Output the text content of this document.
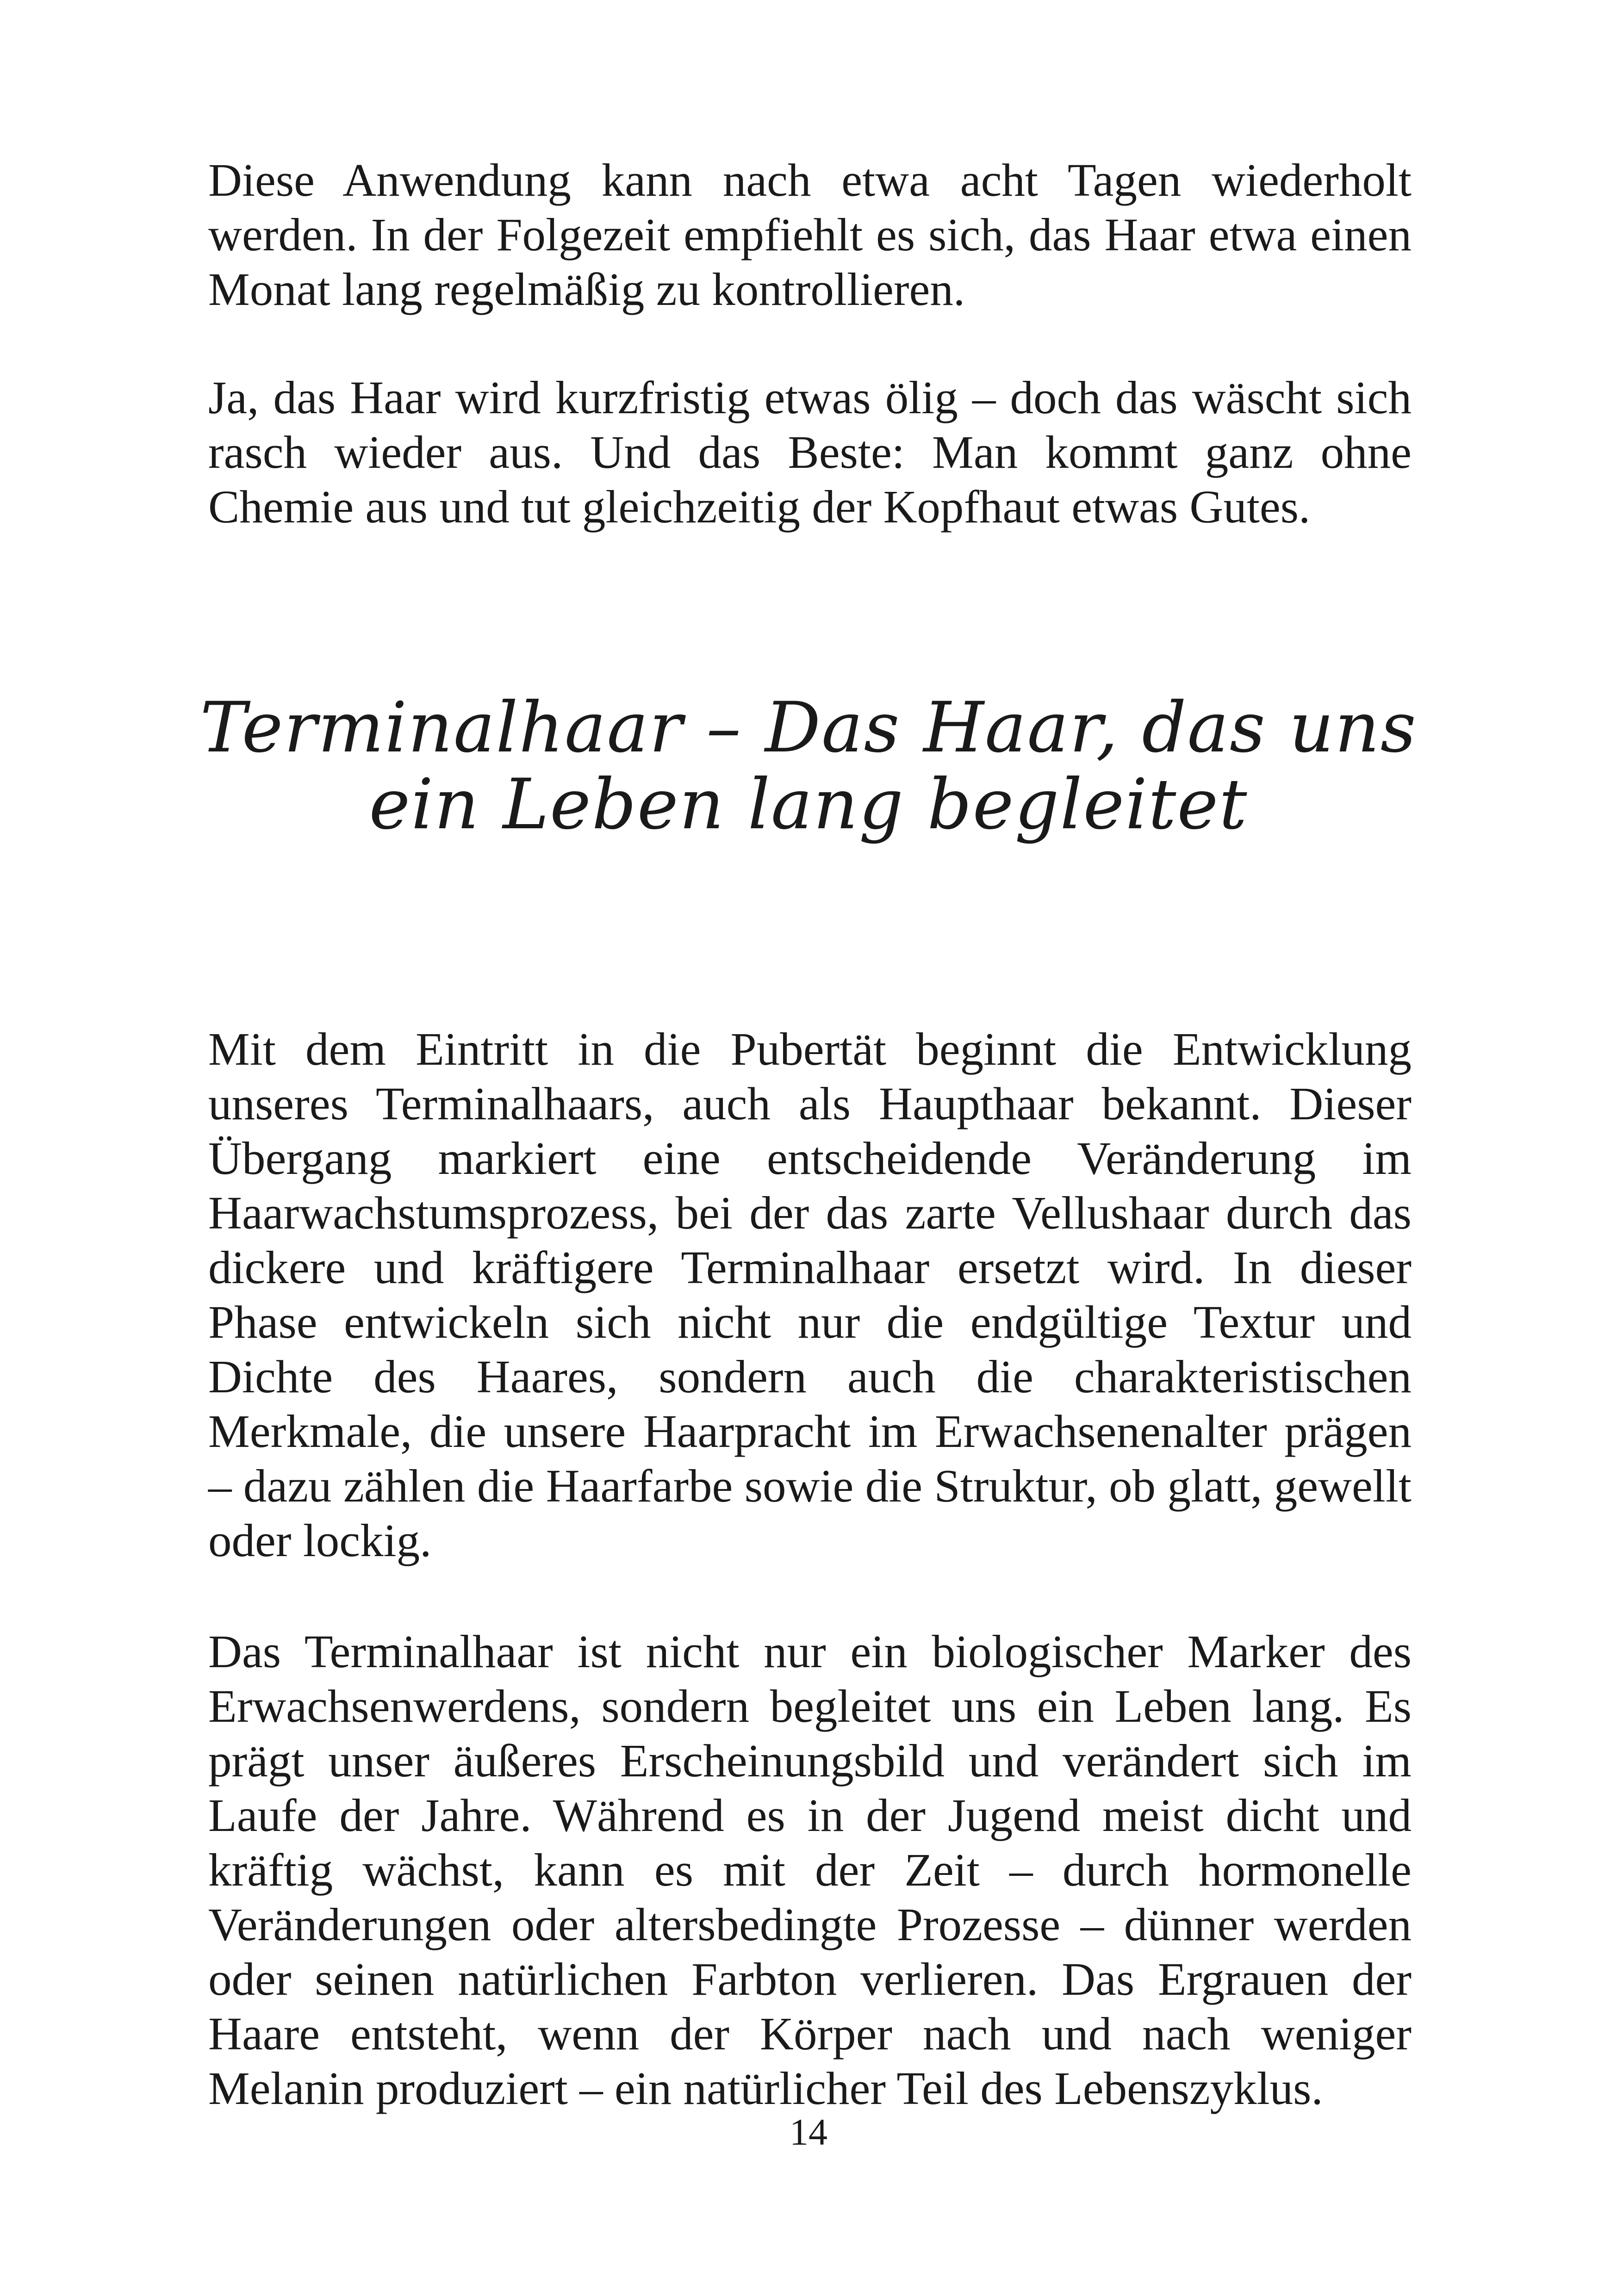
Diese Anwendung kann nach etwa acht Tagen wiederholt werden. In der Folgezeit empfiehlt es sich, das Haar etwa einen Monat lang regelmäßig zu kontrollieren.

Ja, das Haar wird kurzfristig etwas ölig – doch das wäscht sich rasch wieder aus. Und das Beste: Man kommt ganz ohne Chemie aus und tut gleichzeitig der Kopfhaut etwas Gutes.

Terminalhaar – Das Haar, das uns ein Leben lang begleitet

Mit dem Eintritt in die Pubertät beginnt die Entwicklung unseres Terminalhaars, auch als Haupthaar bekannt. Dieser Übergang markiert eine entscheidende Veränderung im Haarwachstumsprozess, bei der das zarte Vellushaar durch das dickere und kräftigere Terminalhaar ersetzt wird. In dieser Phase entwickeln sich nicht nur die endgültige Textur und Dichte des Haares, sondern auch die charakteristischen Merkmale, die unsere Haarpracht im Erwachsenenalter prägen – dazu zählen die Haarfarbe sowie die Struktur, ob glatt, gewellt oder lockig.

Das Terminalhaar ist nicht nur ein biologischer Marker des Erwachsenwerdens, sondern begleitet uns ein Leben lang. Es prägt unser äußeres Erscheinungsbild und verändert sich im Laufe der Jahre. Während es in der Jugend meist dicht und kräftig wächst, kann es mit der Zeit – durch hormonelle Veränderungen oder altersbedingte Prozesse – dünner werden oder seinen natürlichen Farbton verlieren. Das Ergrauen der Haare entsteht, wenn der Körper nach und nach weniger Melanin produziert – ein natürlicher Teil des Lebenszyklus.

14
